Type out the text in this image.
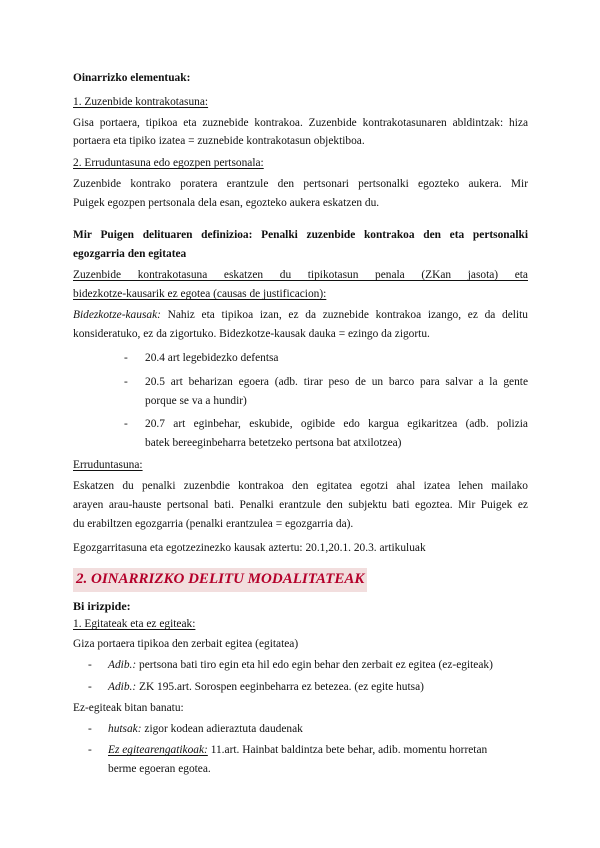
Oinarrizko elementuak:
1. Zuzenbide kontrakotasuna:
Gisa portaera, tipikoa eta zuznebide kontrakoa. Zuzenbide kontrakotasunaren abldintzak: hiza
portaera eta tipiko izatea = zuznebide kontrakotasun objektiboa.
2. Erruduntasuna edo egozpen pertsonala:
Zuzenbide kontrako poratera erantzule den pertsonari pertsonalki egozteko aukera. Mir
Puigek egozpen pertsonala dela esan, egozteko aukera eskatzen du.
Mir Puigen delituaren definizioa: Penalki zuzenbide kontrakoa den eta pertsonalki
egozgarria den egitatea
Zuzenbide kontrakotasuna eskatzen du tipikotasun penala (ZKan jasota) eta
bidezkotze-kausarik ez egotea (causas de justificacion):
Bidezkotze-kausak: Nahiz eta tipikoa izan, ez da zuznebide kontrakoa izango, ez da delitu
konsideratuko, ez da zigortuko. Bidezkotze-kausak dauka = ezingo da zigortu.
- 20.4 art legebidezko defentsa
- 20.5 art beharizan egoera (adb. tirar peso de un barco para salvar a la gente
porque se va a hundir)
- 20.7 art eginbehar, eskubide, ogibide edo kargua egikaritzea (adb. polizia
batek bereeginbeharra betetzeko pertsona bat atxilotzea)
Erruduntasuna:
Eskatzen du penalki zuzenbdie kontrakoa den egitatea egotzi ahal izatea lehen mailako
arayen arau-hauste pertsonal bati. Penalki erantzule den subjektu bati egoztea. Mir Puigek ez
du erabiltzen egozgarria (penalki erantzulea = egozgarria da).
Egozgarritasuna eta egotzezinezko kausak aztertu: 20.1,20.1. 20.3. artikuluak
2. OINARRIZKO DELITU MODALITATEAK
Bi irizpide:
1. Egitateak eta ez egiteak:
Giza portaera tipikoa den zerbait egitea (egitatea)
- Adib.: pertsona bati tiro egin eta hil edo egin behar den zerbait ez egitea (ez-egiteak)
- Adib.: ZK 195.art. Sorospen eeginbeharra ez betezea. (ez egite hutsa)
Ez-egiteak bitan banatu:
- hutsak: zigor kodean adieraztuta daudenak
- Ez egitearengatikoak: 11.art. Hainbat baldintza bete behar, adib. momentu horretan
berme egoeran egotea.
